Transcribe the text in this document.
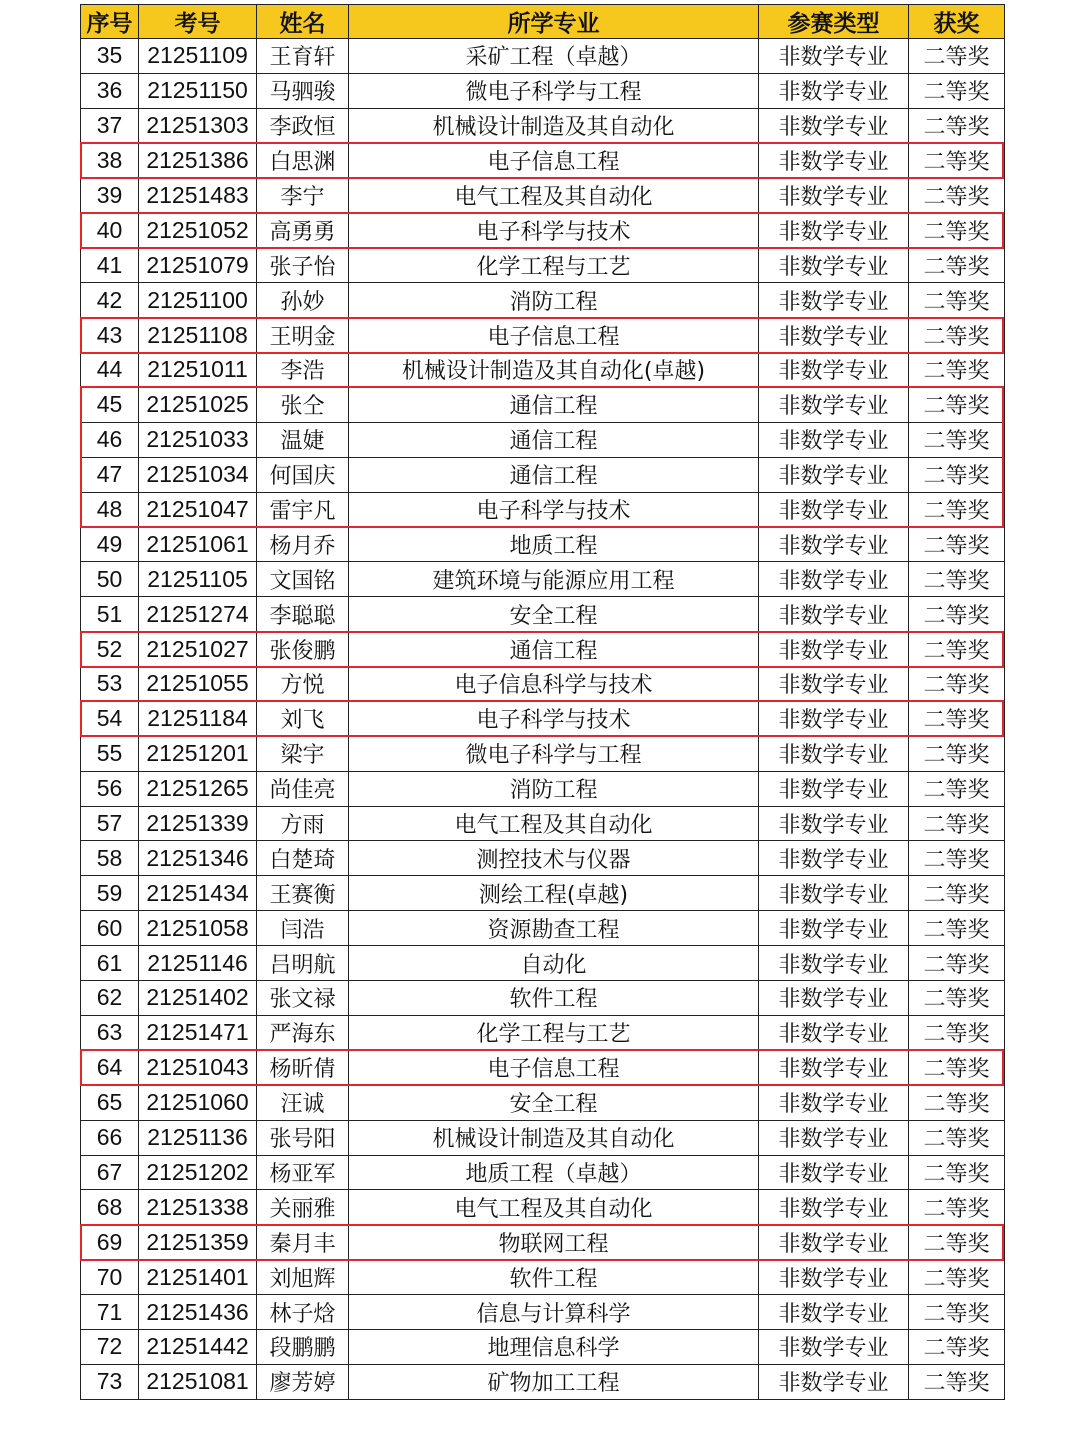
序号	考号	姓名	所学专业	参赛类型	获奖
35	21251109	王育轩	采矿工程（卓越）	非数学专业	二等奖
36	21251150	马驷骏	微电子科学与工程	非数学专业	二等奖
37	21251303	李政恒	机械设计制造及其自动化	非数学专业	二等奖
38	21251386	白思渊	电子信息工程	非数学专业	二等奖
39	21251483	李宁	电气工程及其自动化	非数学专业	二等奖
40	21251052	高勇勇	电子科学与技术	非数学专业	二等奖
41	21251079	张子怡	化学工程与工艺	非数学专业	二等奖
42	21251100	孙妙	消防工程	非数学专业	二等奖
43	21251108	王明金	电子信息工程	非数学专业	二等奖
44	21251011	李浩	机械设计制造及其自动化(卓越)	非数学专业	二等奖
45	21251025	张仝	通信工程	非数学专业	二等奖
46	21251033	温婕	通信工程	非数学专业	二等奖
47	21251034	何国庆	通信工程	非数学专业	二等奖
48	21251047	雷宇凡	电子科学与技术	非数学专业	二等奖
49	21251061	杨月乔	地质工程	非数学专业	二等奖
50	21251105	文国铭	建筑环境与能源应用工程	非数学专业	二等奖
51	21251274	李聪聪	安全工程	非数学专业	二等奖
52	21251027	张俊鹏	通信工程	非数学专业	二等奖
53	21251055	方悦	电子信息科学与技术	非数学专业	二等奖
54	21251184	刘飞	电子科学与技术	非数学专业	二等奖
55	21251201	梁宇	微电子科学与工程	非数学专业	二等奖
56	21251265	尚佳亮	消防工程	非数学专业	二等奖
57	21251339	方雨	电气工程及其自动化	非数学专业	二等奖
58	21251346	白楚琦	测控技术与仪器	非数学专业	二等奖
59	21251434	王赛衡	测绘工程(卓越)	非数学专业	二等奖
60	21251058	闫浩	资源勘查工程	非数学专业	二等奖
61	21251146	吕明航	自动化	非数学专业	二等奖
62	21251402	张文禄	软件工程	非数学专业	二等奖
63	21251471	严海东	化学工程与工艺	非数学专业	二等奖
64	21251043	杨昕倩	电子信息工程	非数学专业	二等奖
65	21251060	汪诚	安全工程	非数学专业	二等奖
66	21251136	张号阳	机械设计制造及其自动化	非数学专业	二等奖
67	21251202	杨亚军	地质工程（卓越）	非数学专业	二等奖
68	21251338	关丽雅	电气工程及其自动化	非数学专业	二等奖
69	21251359	秦月丰	物联网工程	非数学专业	二等奖
70	21251401	刘旭辉	软件工程	非数学专业	二等奖
71	21251436	林子焓	信息与计算科学	非数学专业	二等奖
72	21251442	段鹏鹏	地理信息科学	非数学专业	二等奖
73	21251081	廖芳婷	矿物加工工程	非数学专业	二等奖
